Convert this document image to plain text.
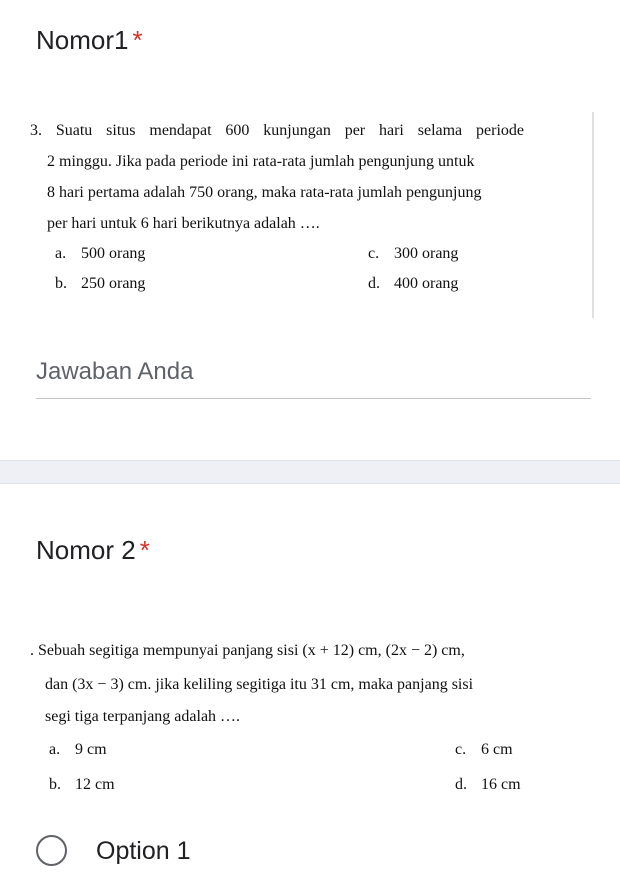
Nomor1 *
3. Suatu situs mendapat 600 kunjungan per hari selama periode
2 minggu. Jika pada periode ini rata-rata jumlah pengunjung untuk
8 hari pertama adalah 750 orang, maka rata-rata jumlah pengunjung
per hari untuk 6 hari berikutnya adalah ….
a. 500 orang
b. 250 orang
c. 300 orang
d. 400 orang
Jawaban Anda
Nomor 2 *
. Sebuah segitiga mempunyai panjang sisi (x + 12) cm, (2x − 2) cm,
dan (3x − 3) cm. jika keliling segitiga itu 31 cm, maka panjang sisi
segi tiga terpanjang adalah ….
a. 9 cm
b. 12 cm
c. 6 cm
d. 16 cm
Option 1
